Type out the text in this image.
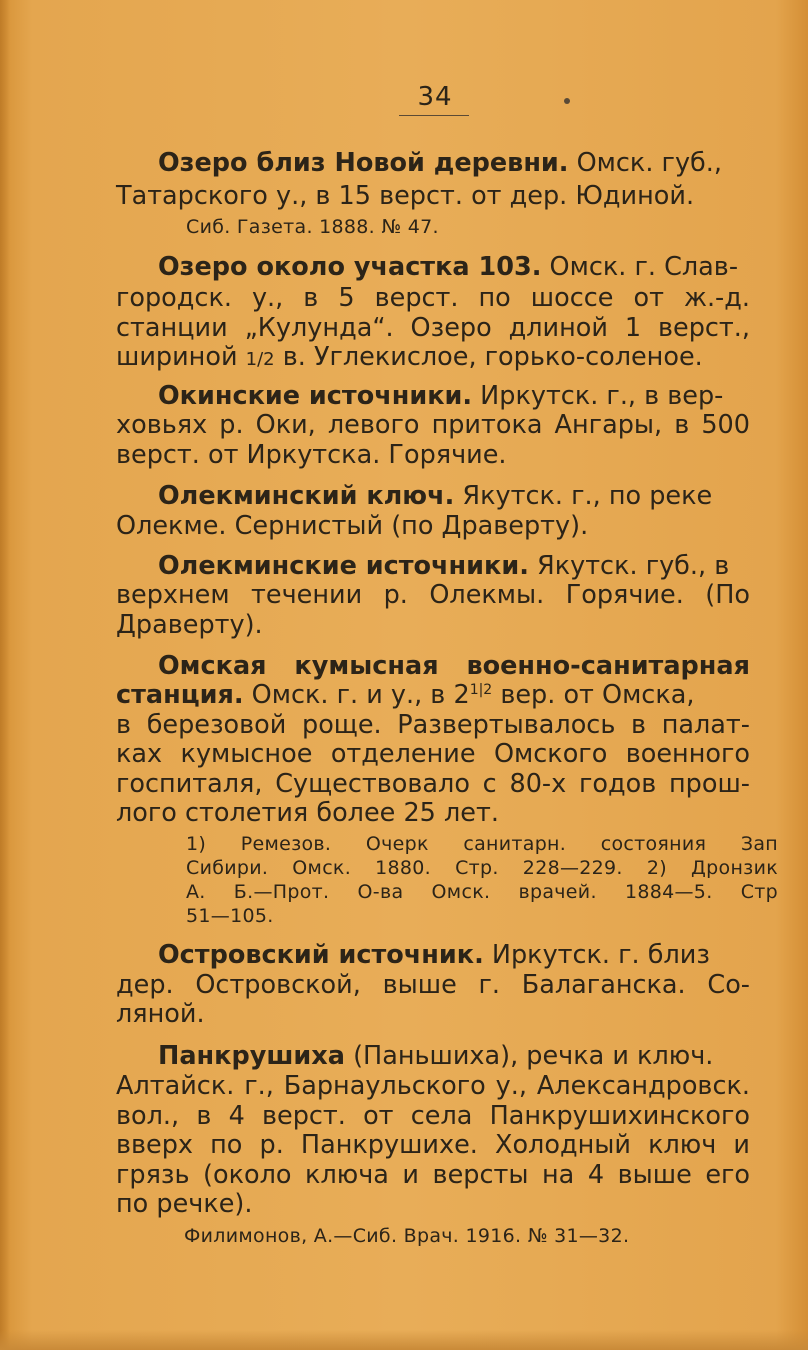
34
Озеро близ Новой деревни. Омск. губ.,
Татарского у., в 15 верст. от дер. Юдиной.
Сиб. Газета. 1888. № 47.
Озеро около участка 103. Омск. г. Слав-
городск. у., в 5 верст. по шоссе от ж.-д.
станции „Кулунда“. Озеро длиной 1 верст.,
шириной 1/2 в. Углекислое, горько-соленое.
Окинские источники. Иркутск. г., в вер-
ховьях р. Оки, левого притока Ангары, в 500
верст. от Иркутска. Горячие.
Олекминский ключ. Якутск. г., по реке
Олекме. Сернистый (по Драверту).
Олекминские источники. Якутск. губ., в
верхнем течении р. Олекмы. Горячие. (По
Драверту).
Омская кумысная военно-санитарная
станция. Омск. г. и у., в $2^{1|2}$ вер. от Омска,
в березовой роще. Развертывалось в палат-
ках кумысное отделение Омского военного
госпиталя, Существовало с 80-х годов прош-
лого столетия более 25 лет.
1) Ремезов. Очерк санитарн. состояния Зап
Сибири. Омск. 1880. Стр. 228—229. 2) Дронзик
А. Б.—Прот. О-ва Омск. врачей. 1884—5. Стр
51—105.
Островский источник. Иркутск. г. близ
дер. Островской, выше г. Балаганска. Со-
ляной.
Панкрушиха (Паньшиха), речка и ключ.
Алтайск. г., Барнаульского у., Александровск.
вол., в 4 верст. от села Панкрушихинского
вверх по р. Панкрушихе. Холодный ключ и
грязь (около ключа и версты на 4 выше его
по речке).
Филимонов, А.—Сиб. Врач. 1916. № 31—32.
